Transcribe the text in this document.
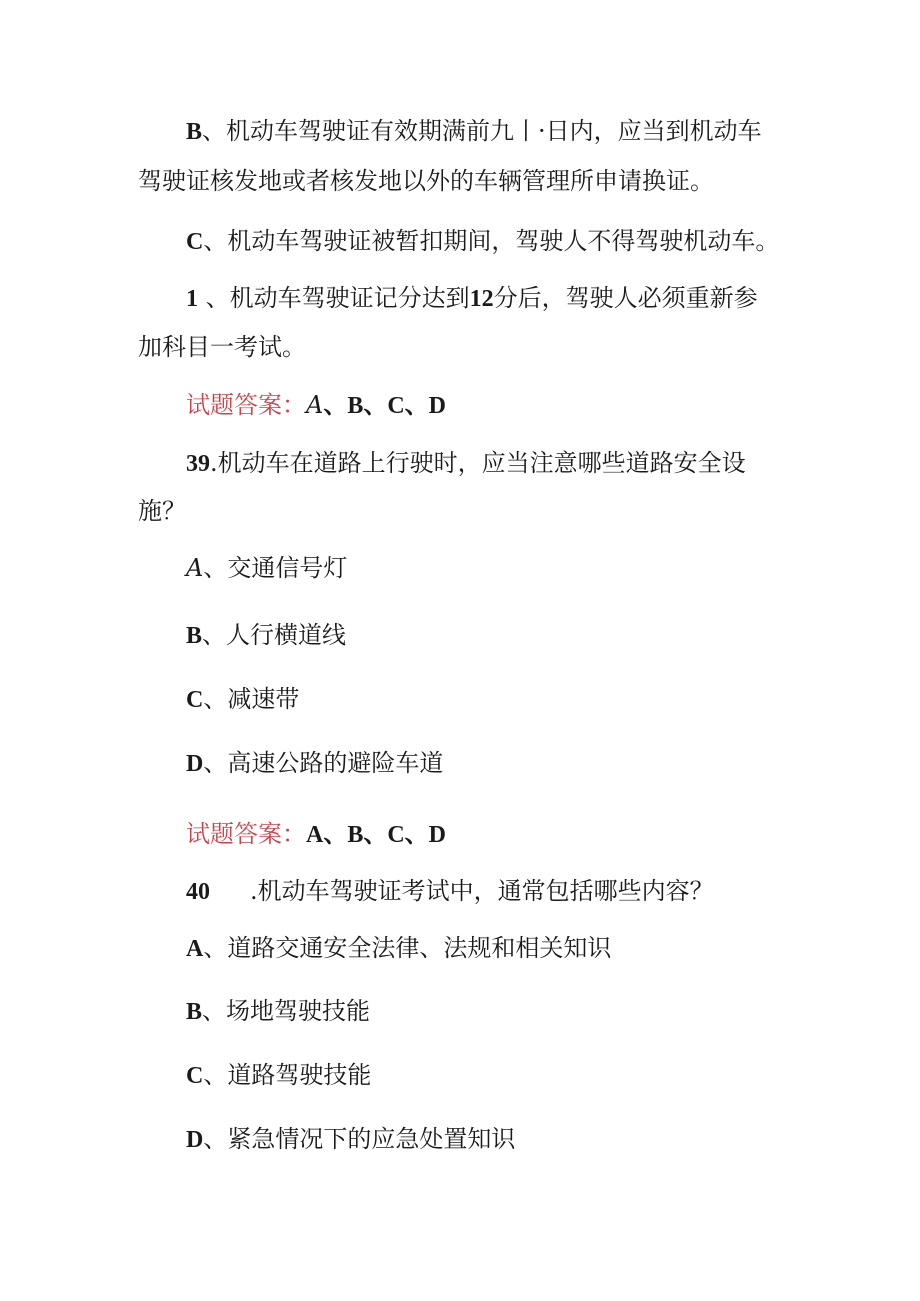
B、机动车驾驶证有效期满前九丨·日内，应当到机动车
驾驶证核发地或者核发地以外的车辆管理所申请换证。
C、机动车驾驶证被暂扣期间，驾驶人不得驾驶机动车。
1 、机动车驾驶证记分达到12分后，驾驶人必须重新参
加科目一考试。
试题答案：A、B、C、D
39.机动车在道路上行驶时，应当注意哪些道路安全设
施？
A、交通信号灯
B、人行横道线
C、减速带
D、高速公路的避险车道
试题答案：A、B、C、D
40 .机动车驾驶证考试中，通常包括哪些内容？
A、道路交通安全法律、法规和相关知识
B、场地驾驶技能
C、道路驾驶技能
D、紧急情况下的应急处置知识
